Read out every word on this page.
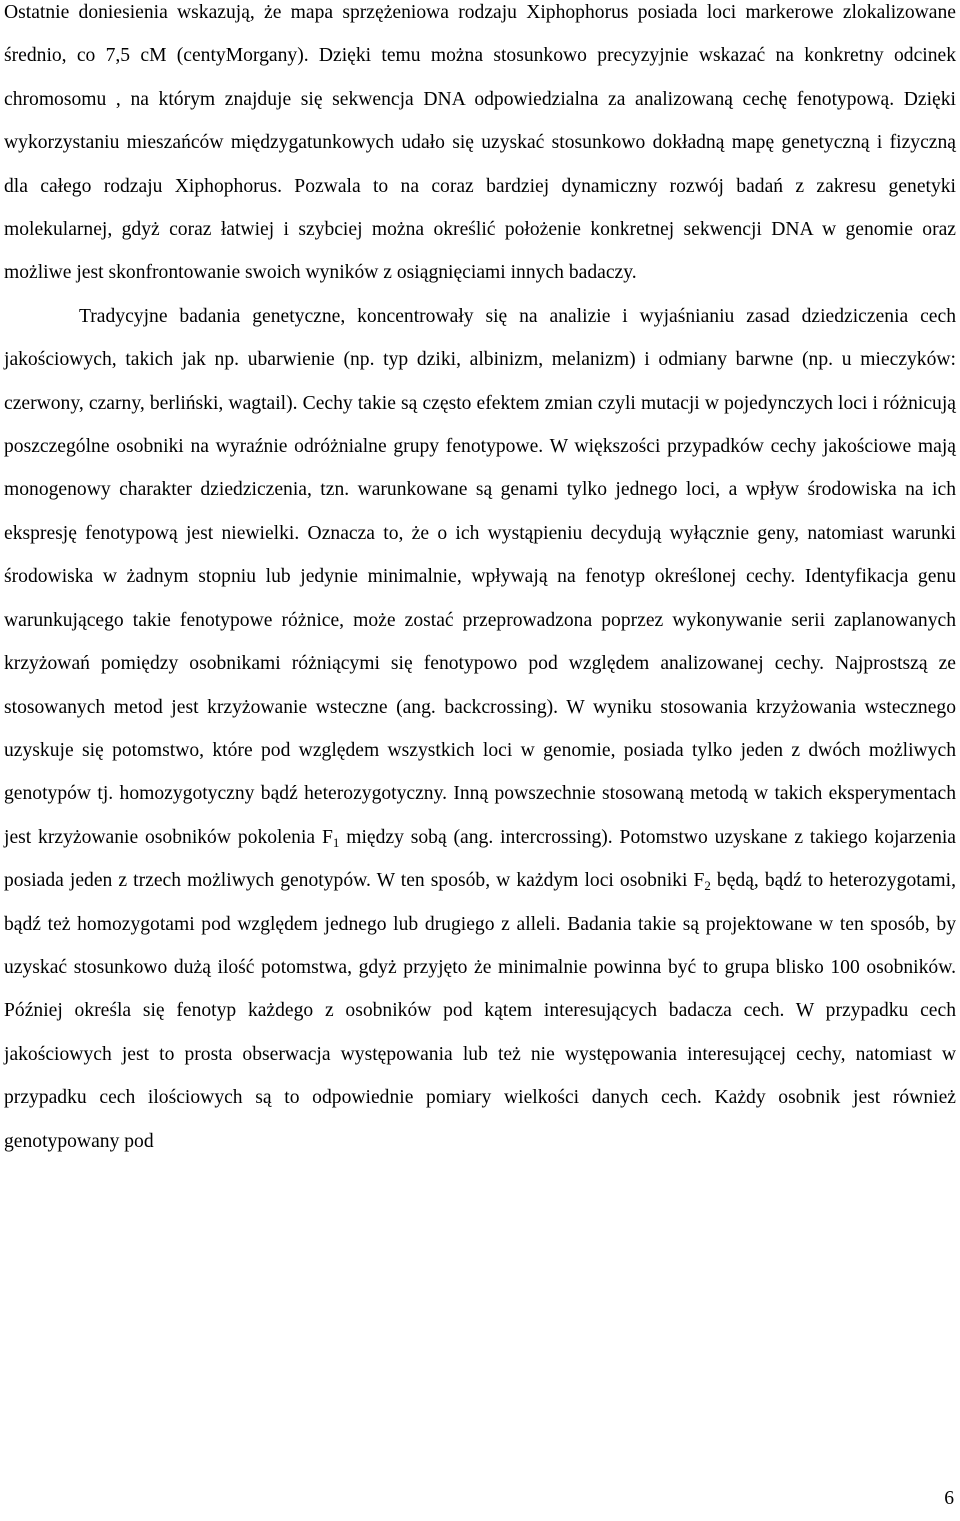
Ostatnie doniesienia wskazują, że mapa sprzężeniowa rodzaju Xiphophorus posiada loci markerowe zlokalizowane średnio, co 7,5 cM (centyMorgany). Dzięki temu można stosunkowo precyzyjnie wskazać na konkretny odcinek chromosomu , na którym znajduje się sekwencja DNA odpowiedzialna za analizowaną cechę fenotypową. Dzięki wykorzystaniu mieszańców międzygatunkowych udało się uzyskać stosunkowo dokładną mapę genetyczną i fizyczną dla całego rodzaju Xiphophorus. Pozwala to na coraz bardziej dynamiczny rozwój badań z zakresu genetyki molekularnej, gdyż coraz łatwiej i szybciej można określić położenie konkretnej sekwencji DNA w genomie oraz możliwe jest skonfrontowanie swoich wyników z osiągnięciami innych badaczy.

Tradycyjne badania genetyczne, koncentrowały się na analizie i wyjaśnianiu zasad dziedziczenia cech jakościowych, takich jak np. ubarwienie (np. typ dziki, albinizm, melanizm) i odmiany barwne (np. u mieczyków: czerwony, czarny, berliński, wagtail). Cechy takie są często efektem zmian czyli mutacji w pojedynczych loci i różnicują poszczególne osobniki na wyraźnie odróżnialne grupy fenotypowe. W większości przypadków cechy jakościowe mają monogenowy charakter dziedziczenia, tzn. warunkowane są genami tylko jednego loci, a wpływ środowiska na ich ekspresję fenotypową jest niewielki. Oznacza to, że o ich wystąpieniu decydują wyłącznie geny, natomiast warunki środowiska w żadnym stopniu lub jedynie minimalnie, wpływają na fenotyp określonej cechy. Identyfikacja genu warunkującego takie fenotypowe różnice, może zostać przeprowadzona poprzez wykonywanie serii zaplanowanych krzyżowań pomiędzy osobnikami różniącymi się fenotypowo pod względem analizowanej cechy. Najprostszą ze stosowanych metod jest krzyżowanie wsteczne (ang. backcrossing). W wyniku stosowania krzyżowania wstecznego uzyskuje się potomstwo, które pod względem wszystkich loci w genomie, posiada tylko jeden z dwóch możliwych genotypów tj. homozygotyczny bądź heterozygotyczny. Inną powszechnie stosowaną metodą w takich eksperymentach jest krzyżowanie osobników pokolenia $F_1$ między sobą (ang. intercrossing). Potomstwo uzyskane z takiego kojarzenia posiada jeden z trzech możliwych genotypów. W ten sposób, w każdym loci osobniki $F_2$ będą, bądź to heterozygotami, bądź też homozygotami pod względem jednego lub drugiego z alleli. Badania takie są projektowane w ten sposób, by uzyskać stosunkowo dużą ilość potomstwa, gdyż przyjęto że minimalnie powinna być to grupa blisko 100 osobników. Później określa się fenotyp każdego z osobników pod kątem interesujących badacza cech. W przypadku cech jakościowych jest to prosta obserwacja występowania lub też nie występowania interesującej cechy, natomiast w przypadku cech ilościowych są to odpowiednie pomiary wielkości danych cech. Każdy osobnik jest również genotypowany pod

6
